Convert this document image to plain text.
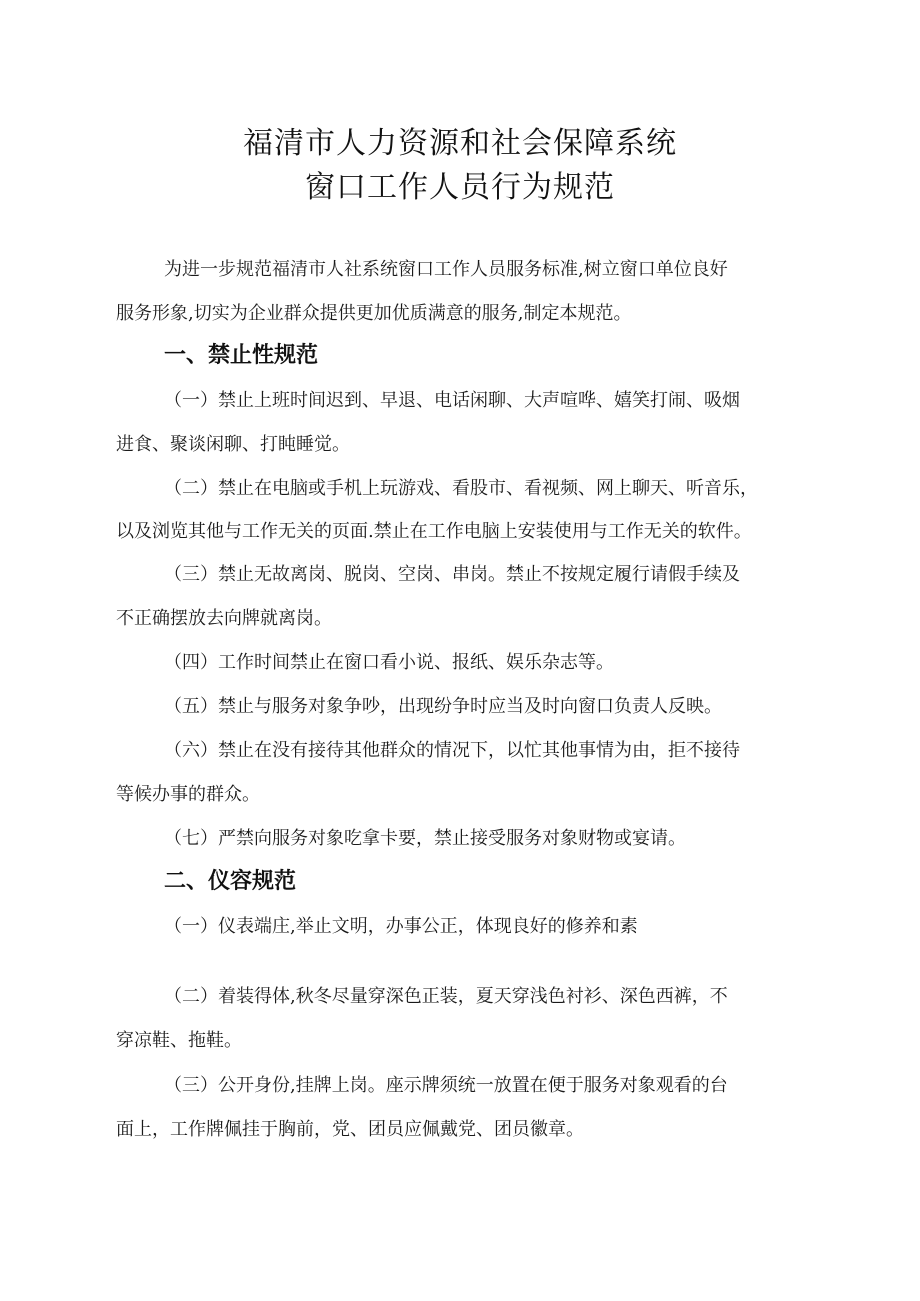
福清市人力资源和社会保障系统
窗口工作人员行为规范

为进一步规范福清市人社系统窗口工作人员服务标准,树立窗口单位良好

服务形象,切实为企业群众提供更加优质满意的服务,制定本规范。

一、禁止性规范

（一）禁止上班时间迟到、早退、电话闲聊、大声喧哗、嬉笑打闹、吸烟

进食、聚谈闲聊、打盹睡觉。

（二）禁止在电脑或手机上玩游戏、看股市、看视频、网上聊天、听音乐，

以及浏览其他与工作无关的页面.禁止在工作电脑上安装使用与工作无关的软件。

（三）禁止无故离岗、脱岗、空岗、串岗。禁止不按规定履行请假手续及

不正确摆放去向牌就离岗。

（四）工作时间禁止在窗口看小说、报纸、娱乐杂志等。

（五）禁止与服务对象争吵，出现纷争时应当及时向窗口负责人反映。

（六）禁止在没有接待其他群众的情况下，以忙其他事情为由，拒不接待

等候办事的群众。

（七）严禁向服务对象吃拿卡要，禁止接受服务对象财物或宴请。

二、仪容规范

（一）仪表端庄,举止文明，办事公正，体现良好的修养和素

（二）着装得体,秋冬尽量穿深色正装，夏天穿浅色衬衫、深色西裤，不

穿凉鞋、拖鞋。

（三）公开身份,挂牌上岗。座示牌须统一放置在便于服务对象观看的台

面上，工作牌佩挂于胸前，党、团员应佩戴党、团员徽章。
